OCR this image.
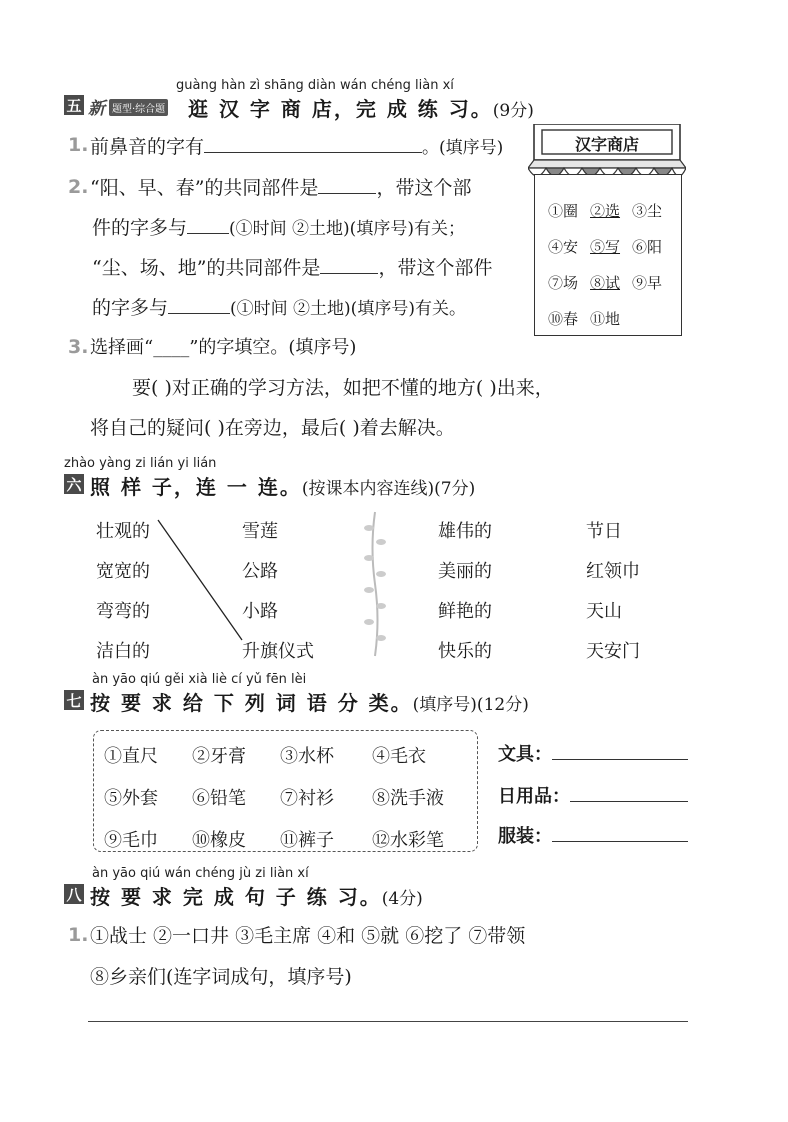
guàng hàn zì shāng diàn wán chéng liàn xí
五 新 题型·综合题 逛 汉 字 商 店，完 成 练 习。(9分)
1. 前鼻音的字有	。(填序号)
2. “阳、早、春”的共同部件是	，带这个部
件的字多与 (①时间 ②土地)(填序号)有关；
“尘、场、地”的共同部件是	，带这个部件
的字多与	(①时间 ②土地)(填序号)有关。
汉字商店
①圈 ②选 ③尘
④安 ⑤写 ⑥阳
⑦场 ⑧试 ⑨早
⑩春 ⑪地
3. 选择画“____”的字填空。(填序号)
要( )对正确的学习方法，如把不懂的地方( )出来，
将自己的疑问( )在旁边，最后( )着去解决。
zhào yàng zi lián yi lián
六 照 样 子，连 一 连。(按课本内容连线)(7分)
壮观的
宽宽的
弯弯的
洁白的
雪莲
公路
小路
升旗仪式
雄伟的
美丽的
鲜艳的
快乐的
节日
红领巾
天山
天安门
àn yāo qiú gěi xià liè cí yǔ fēn lèi
七 按 要 求 给 下 列 词 语 分 类。(填序号)(12分)
①直尺	②牙膏	③水杯	④毛衣
⑤外套	⑥铅笔	⑦衬衫	⑧洗手液
⑨毛巾	⑩橡皮	⑪裤子	⑫水彩笔
文具：
日用品：
服装：
àn yāo qiú wán chéng jù zi liàn xí
八 按 要 求 完 成 句 子 练 习。(4分)
1. ①战士 ②一口井 ③毛主席 ④和 ⑤就 ⑥挖了 ⑦带领
⑧乡亲们(连字词成句，填序号)
